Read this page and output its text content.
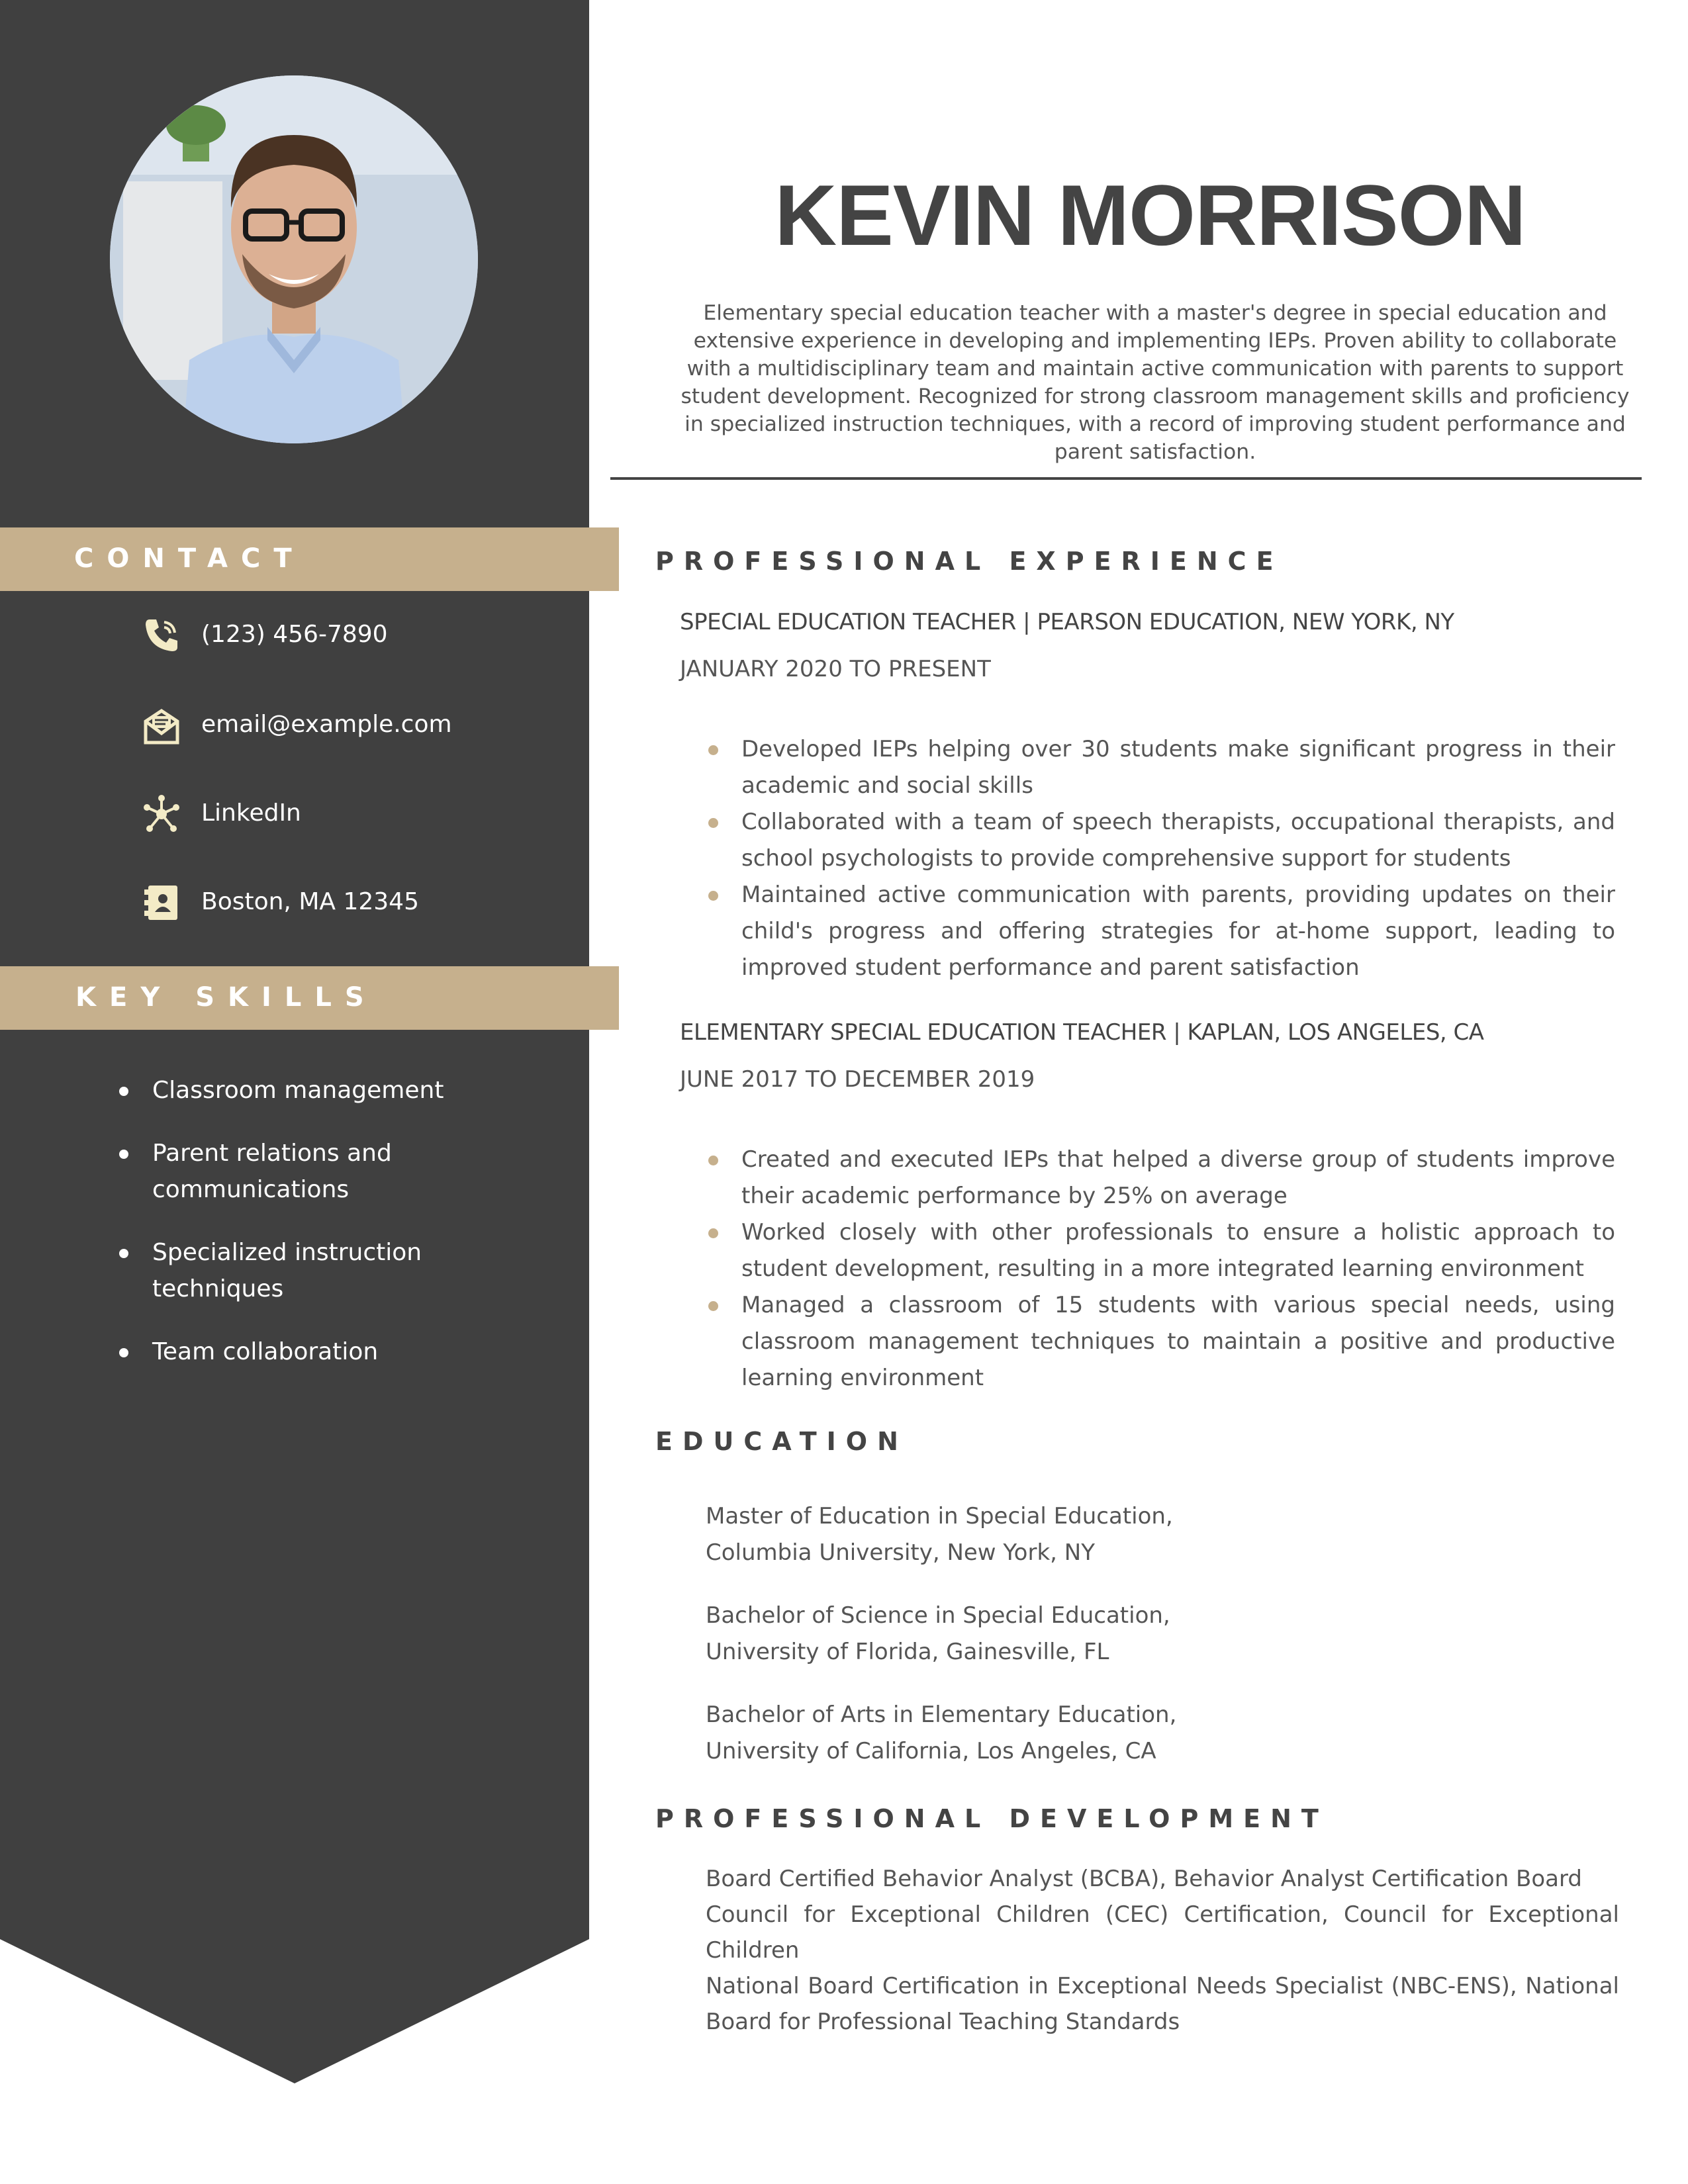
CONTACT
(123) 456-7890
email@example.com
LinkedIn
Boston, MA 12345
KEY SKILLS
Classroom management
Parent relations and communications
Specialized instruction techniques
Team collaboration
KEVIN MORRISON

Elementary special education teacher with a master's degree in special education and extensive experience in developing and implementing IEPs. Proven ability to collaborate with a multidisciplinary team and maintain active communication with parents to support student development. Recognized for strong classroom management skills and proficiency in specialized instruction techniques, with a record of improving student performance and parent satisfaction.

PROFESSIONAL EXPERIENCE
SPECIAL EDUCATION TEACHER | PEARSON EDUCATION, NEW YORK, NY
JANUARY 2020 TO PRESENT
Developed IEPs helping over 30 students make significant progress in their academic and social skills
Collaborated with a team of speech therapists, occupational therapists, and school psychologists to provide comprehensive support for students
Maintained active communication with parents, providing updates on their child's progress and offering strategies for at-home support, leading to improved student performance and parent satisfaction
ELEMENTARY SPECIAL EDUCATION TEACHER | KAPLAN, LOS ANGELES, CA
JUNE 2017 TO DECEMBER 2019
Created and executed IEPs that helped a diverse group of students improve their academic performance by 25% on average
Worked closely with other professionals to ensure a holistic approach to student development, resulting in a more integrated learning environment
Managed a classroom of 15 students with various special needs, using classroom management techniques to maintain a positive and productive learning environment
EDUCATION
Master of Education in Special Education,
Columbia University, New York, NY
Bachelor of Science in Special Education,
University of Florida, Gainesville, FL
Bachelor of Arts in Elementary Education,
University of California, Los Angeles, CA
PROFESSIONAL DEVELOPMENT
Board Certified Behavior Analyst (BCBA), Behavior Analyst Certification Board
Council for Exceptional Children (CEC) Certification, Council for Exceptional Children
National Board Certification in Exceptional Needs Specialist (NBC-ENS), National Board for Professional Teaching Standards
